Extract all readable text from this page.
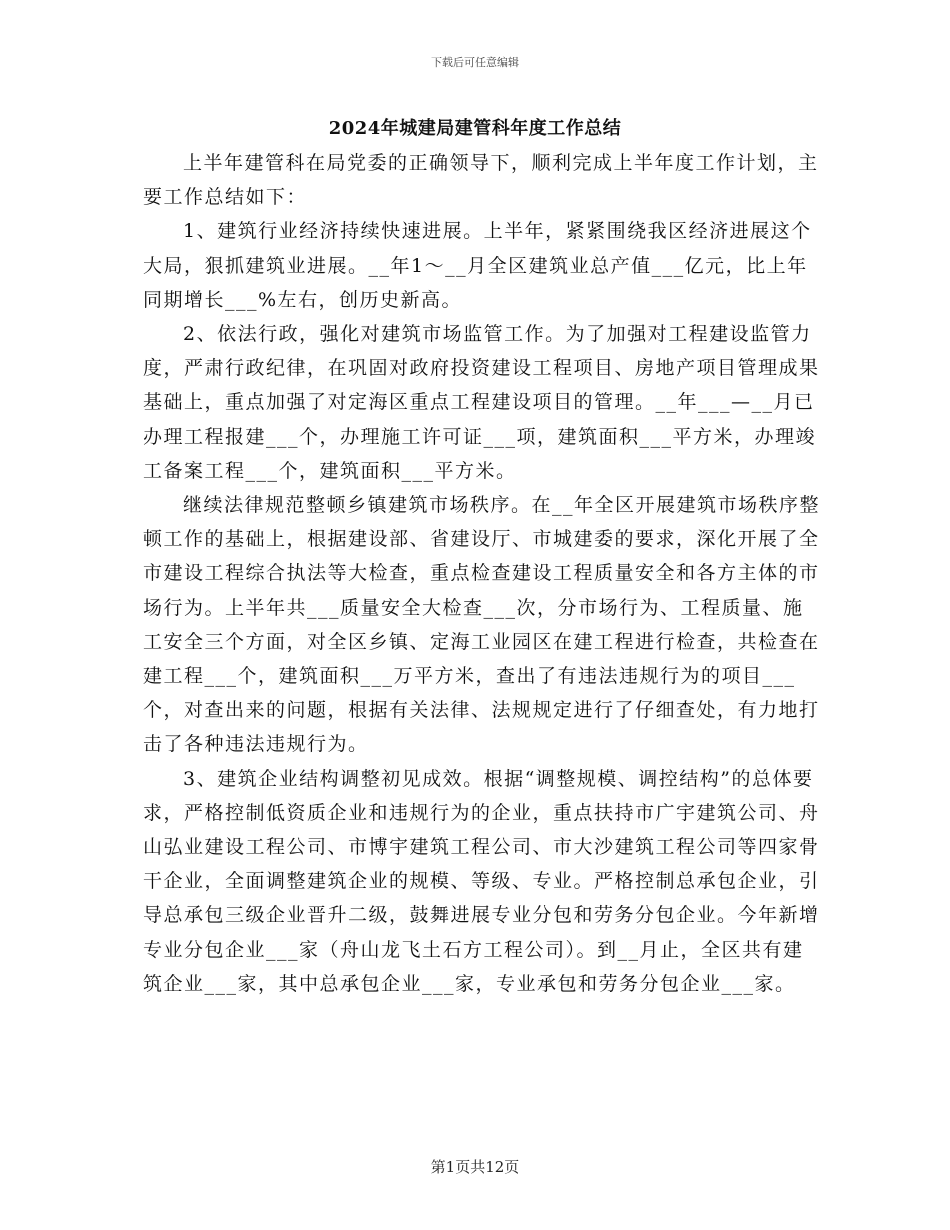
下载后可任意编辑
2024年城建局建管科年度工作总结

上半年建管科在局党委的正确领导下，顺利完成上半年度工作计划，主要工作总结如下：

1、建筑行业经济持续快速进展。上半年，紧紧围绕我区经济进展这个大局，狠抓建筑业进展。__年1～__月全区建筑业总产值___亿元，比上年同期增长___%左右，创历史新高。

2、依法行政，强化对建筑市场监管工作。为了加强对工程建设监管力度，严肃行政纪律，在巩固对政府投资建设工程项目、房地产项目管理成果基础上，重点加强了对定海区重点工程建设项目的管理。__年___—__月已办理工程报建___个，办理施工许可证___项，建筑面积___平方米，办理竣工备案工程___个，建筑面积___平方米。

继续法律规范整顿乡镇建筑市场秩序。在__年全区开展建筑市场秩序整顿工作的基础上，根据建设部、省建设厅、市城建委的要求，深化开展了全市建设工程综合执法等大检查，重点检查建设工程质量安全和各方主体的市场行为。上半年共___质量安全大检查___次，分市场行为、工程质量、施工安全三个方面，对全区乡镇、定海工业园区在建工程进行检查，共检查在建工程___个，建筑面积___万平方米，查出了有违法违规行为的项目___个，对查出来的问题，根据有关法律、法规规定进行了仔细查处，有力地打击了各种违法违规行为。

3、建筑企业结构调整初见成效。根据“调整规模、调控结构”的总体要求，严格控制低资质企业和违规行为的企业，重点扶持市广宇建筑公司、舟山弘业建设工程公司、市博宇建筑工程公司、市大沙建筑工程公司等四家骨干企业，全面调整建筑企业的规模、等级、专业。严格控制总承包企业，引导总承包三级企业晋升二级，鼓舞进展专业分包和劳务分包企业。今年新增专业分包企业___家（舟山龙飞土石方工程公司）。到__月止，全区共有建筑企业___家，其中总承包企业___家，专业承包和劳务分包企业___家。

第1页共12页
